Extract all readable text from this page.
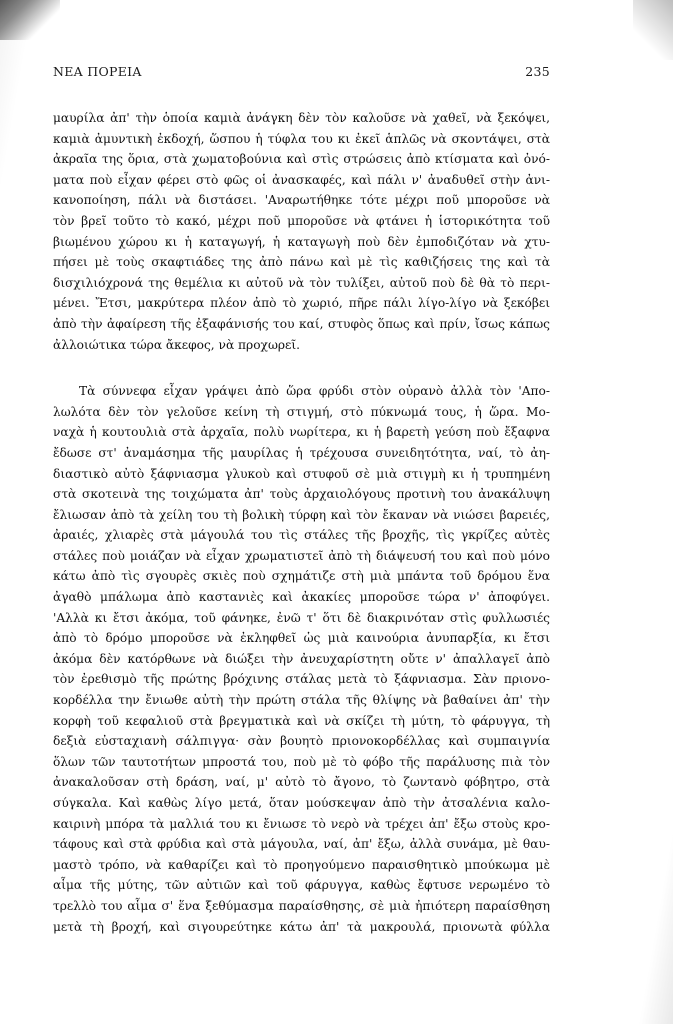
ΝΕΑ ΠΟΡΕΙΑ	235
μαυρίλα ἀπ' τὴν ὁποία καμιὰ ἀνάγκη δὲν τὸν καλοῦσε νὰ χαθεῖ, νὰ ξεκόψει,
καμιὰ ἀμυντικὴ ἐκδοχή, ὥσπου ἡ τύφλα του κι ἐκεῖ ἁπλῶς νὰ σκοντάψει, στὰ
ἀκραῖα της ὅρια, στὰ χωματοβούνια καὶ στὶς στρώσεις ἀπὸ κτίσματα καὶ ὀνό-
ματα ποὺ εἶχαν φέρει στὸ φῶς οἱ ἀνασκαφές, καὶ πάλι ν' ἀναδυθεῖ στὴν ἀνι-
κανοποίηση, πάλι νὰ διστάσει. 'Αναρωτήθηκε τότε μέχρι ποῦ μποροῦσε νὰ
τὸν βρεῖ τοῦτο τὸ κακό, μέχρι ποῦ μποροῦσε νὰ φτάνει ἡ ἱστορικότητα τοῦ
βιωμένου χώρου κι ἡ καταγωγή, ἡ καταγωγὴ ποὺ δὲν ἐμποδιζόταν νὰ χτυ-
πήσει μὲ τοὺς σκαφτιάδες της ἀπὸ πάνω καὶ μὲ τὶς καθιζήσεις της καὶ τὰ
δισχιλιόχρονά της θεμέλια κι αὐτοῦ νὰ τὸν τυλίξει, αὐτοῦ ποὺ δὲ θὰ τὸ περι-
μένει. Ἔτσι, μακρύτερα πλέον ἀπὸ τὸ χωριό, πῆρε πάλι λίγο-λίγο νὰ ξεκόβει
ἀπὸ τὴν ἀφαίρεση τῆς ἐξαφάνισής του καί, στυφὸς ὅπως καὶ πρίν, ἴσως κάπως
ἀλλοιώτικα τώρα ἄκεφος, νὰ προχωρεῖ.
Τὰ σύννεφα εἶχαν γράψει ἀπὸ ὥρα φρύδι στὸν οὐρανὸ ἀλλὰ τὸν 'Απο-
λωλότα δὲν τὸν γελοῦσε κείνη τὴ στιγμή, στὸ πύκνωμά τους, ἡ ὥρα. Μο-
ναχὰ ἡ κουτουλιὰ στὰ ἀρχαῖα, πολὺ νωρίτερα, κι ἡ βαρετὴ γεύση ποὺ ἔξαφνα
ἔδωσε στ' ἀναμάσημα τῆς μαυρίλας ἡ τρέχουσα συνειδητότητα, ναί, τὸ ἀη-
διαστικὸ αὐτὸ ξάφνιασμα γλυκοὺ καὶ στυφοῦ σὲ μιὰ στιγμὴ κι ἡ τρυπημένη
στὰ σκοτεινὰ της τοιχώματα ἀπ' τοὺς ἀρχαιολόγους προτινὴ του ἀνακάλυψη
ἔλιωσαν ἀπὸ τὰ χείλη του τὴ βολικὴ τύρφη καὶ τὸν ἔκαναν νὰ νιώσει βαρειές,
ἀραιές, χλιαρὲς στὰ μάγουλά του τὶς στάλες τῆς βροχῆς, τὶς γκρίζες αὐτὲς
στάλες ποὺ μοιάζαν νὰ εἶχαν χρωματιστεῖ ἀπὸ τὴ διάψευσή του καὶ ποὺ μόνο
κάτω ἀπὸ τὶς σγουρὲς σκιὲς ποὺ σχημάτιζε στὴ μιὰ μπάντα τοῦ δρόμου ἕνα
ἀγαθὸ μπάλωμα ἀπὸ καστανιὲς καὶ ἀκακίες μποροῦσε τώρα ν' ἀποφύγει.
'Αλλὰ κι ἔτσι ἀκόμα, τοῦ φάνηκε, ἐνῶ τ' ὅτι δὲ διακρινόταν στὶς φυλλωσιές
ἀπὸ τὸ δρόμο μποροῦσε νὰ ἐκληφθεῖ ὡς μιὰ καινούρια ἀνυπαρξία, κι ἔτσι
ἀκόμα δὲν κατόρθωνε νὰ διώξει τὴν ἀνευχαρίστητη οὔτε ν' ἀπαλλαγεῖ ἀπὸ
τὸν ἐρεθισμὸ τῆς πρώτης βρόχινης στάλας μετὰ τὸ ξάφνιασμα. Σὰν πριονο-
κορδέλλα την ἔνιωθε αὐτὴ τὴν πρώτη στάλα τῆς θλίψης νὰ βαθαίνει ἀπ' τὴν
κορφὴ τοῦ κεφαλιοῦ στὰ βρεγματικὰ καὶ νὰ σκίζει τὴ μύτη, τὸ φάρυγγα, τὴ
δεξιὰ εὐσταχιανὴ σάλπιγγα· σὰν βουητὸ πριονοκορδέλλας καὶ συμπαιγνία
ὅλων τῶν ταυτοτήτων μπροστά του, ποὺ μὲ τὸ φόβο τῆς παράλυσης πιὰ τὸν
ἀνακαλοῦσαν στὴ δράση, ναί, μ' αὐτὸ τὸ ἄγονο, τὸ ζωντανὸ φόβητρο, στὰ
σύγκαλα. Καὶ καθὼς λίγο μετά, ὅταν μούσκεψαν ἀπὸ τὴν ἀτσαλένια καλο-
καιρινὴ μπόρα τὰ μαλλιά του κι ἔνιωσε τὸ νερὸ νὰ τρέχει ἀπ' ἔξω στοὺς κρο-
τάφους καὶ στὰ φρύδια καὶ στὰ μάγουλα, ναί, ἀπ' ἔξω, ἀλλὰ συνάμα, μὲ θαυ-
μαστὸ τρόπο, νὰ καθαρίζει καὶ τὸ προηγούμενο παραισθητικὸ μπούκωμα μὲ
αἷμα τῆς μύτης, τῶν αὐτιῶν καὶ τοῦ φάρυγγα, καθὼς ἔφτυσε νερωμένο τὸ
τρελλὸ του αἷμα σ' ἕνα ξεθύμασμα παραίσθησης, σὲ μιὰ ἠπιότερη παραίσθηση
μετὰ τὴ βροχή, καὶ σιγουρεύτηκε κάτω ἀπ' τὰ μακρουλά, πριονωτὰ φύλλα
